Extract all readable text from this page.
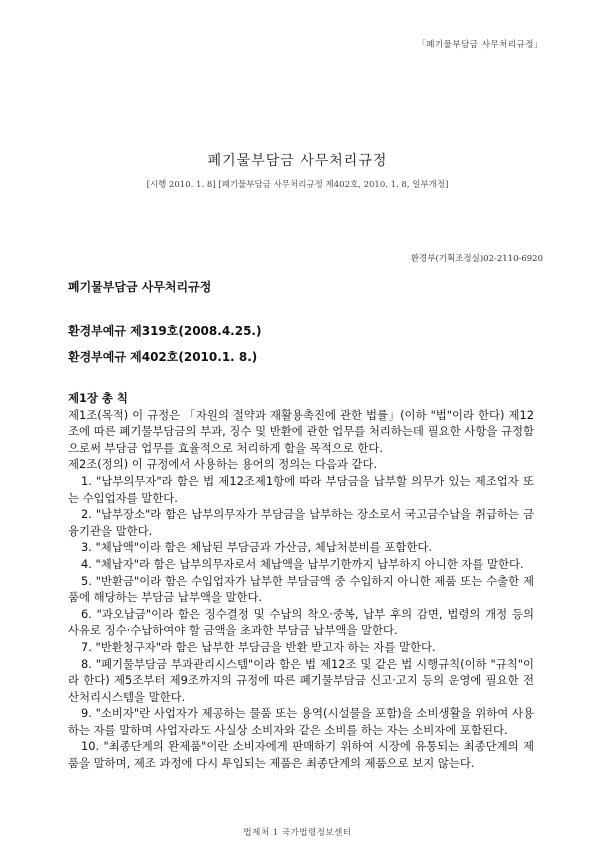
「폐기물부담금 사무처리규정」

폐기물부담금 사무처리규정

[시행 2010. 1. 8] [폐기물부담금 사무처리규정 제402호, 2010. 1. 8, 일부개정]

환경부(기획조정실)02-2110-6920

폐기물부담금 사무처리규정

환경부예규 제319호(2008.4.25.)

환경부예규 제402호(2010.1. 8.)

제1장 총 칙

제1조(목적) 이 규정은 「자원의 절약과 재활용촉진에 관한 법률」(이하 "법"이라 한다) 제12조에 따른 폐기물부담금의 부과, 징수 및 반환에 관한 업무를 처리하는데 필요한 사항을 규정함으로써 부담금 업무를 효율적으로 처리하게 함을 목적으로 한다.

제2조(정의) 이 규정에서 사용하는 용어의 정의는 다음과 같다.

1. "납부의무자"라 함은 법 제12조제1항에 따라 부담금을 납부할 의무가 있는 제조업자 또는 수입업자를 말한다.

2. "납부장소"라 함은 납부의무자가 부담금을 납부하는 장소로서 국고금수납을 취급하는 금융기관을 말한다.

3. "체납액"이라 함은 체납된 부담금과 가산금, 체납처분비를 포함한다.

4. "체납자"라 함은 납부의무자로서 체납액을 납부기한까지 납부하지 아니한 자를 말한다.

5. "반환금"이라 함은 수입업자가 납부한 부담금액 중 수입하지 아니한 제품 또는 수출한 제품에 해당하는 부담금 납부액을 말한다.

6. "과오납금"이라 함은 징수결정 및 수납의 착오·중복, 납부 후의 감면, 법령의 개정 등의 사유로 징수·수납하여야 할 금액을 초과한 부담금 납부액을 말한다.

7. "반환청구자"라 함은 납부한 부담금을 반환 받고자 하는 자를 말한다.

8. "폐기물부담금 부과관리시스템"이라 함은 법 제12조 및 같은 법 시행규칙(이하 "규칙"이라 한다) 제5조부터 제9조까지의 규정에 따른 폐기물부담금 신고·고지 등의 운영에 필요한 전산처리시스템을 말한다.

9. "소비자"란 사업자가 제공하는 물품 또는 용역(시설물을 포함)을 소비생활을 위하여 사용하는 자를 말하며 사업자라도 사실상 소비자와 같은 소비를 하는 자는 소비자에 포함된다.

10. "최종단계의 완제품"이란 소비자에게 판매하기 위하여 시장에 유통되는 최종단계의 제품을 말하며, 제조 과정에 다시 투입되는 제품은 최종단계의 제품으로 보지 않는다.

법제처 1 국가법령정보센터
